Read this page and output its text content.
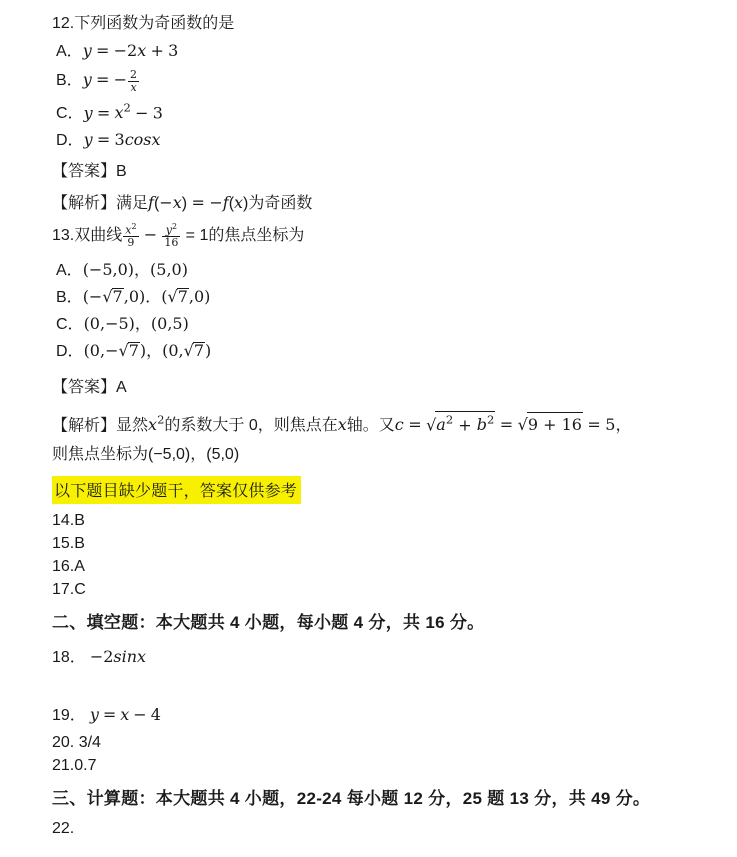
12.下列函数为奇函数的是
A．y = −2x + 3
B．y = − $\frac{2}{x}$
C．$y = x^2 - 3$
D．y = 3cosx
【答案】B
【解析】满足f(−x) = −f(x)为奇函数
13.双曲线 $\frac{x^2}{9} - \frac{y^2}{16} = 1$的焦点坐标为
A．(−5,0)，(5,0)
B．(−√7,0)．(√7,0)
C．(0,−5)，(0,5)
D．(0,−√7)，(0,√7)
【答案】A
【解析】显然$x^2$的系数大于 0，则焦点在x轴。又$c = √a^2 + b^2 = √9 + 16 = 5$，
则焦点坐标为(−5,0)，(5,0)
以下题目缺少题干，答案仅供参考
14.B
15.B
16.A
17.C
二、填空题：本大题共 4 小题，每小题 4 分，共 16 分。
18． −2sinx
19． y = x − 4
20. 3/4
21.0.7
三、计算题：本大题共 4 小题，22-24 每小题 12 分，25 题 13 分，共 49 分。
22.
